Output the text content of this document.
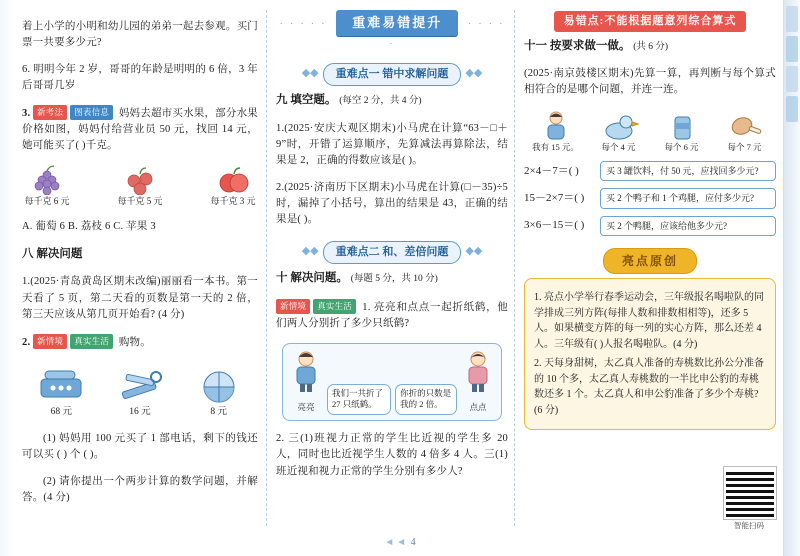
着上小学的小明和幼儿园的弟弟一起去参观。买门票一共要多少元?

6. 明明今年 2 岁，哥哥的年龄是明明的 6 倍，3 年后哥哥几岁

3. 新考法 图表信息 妈妈去超市买水果，部分水果价格如图，妈妈付给营业员 50 元，找回 14 元，她可能买了( )千克。

每千克 6 元	每千克 5 元	每千克 3 元

A. 葡萄 6 B. 荔枝 6 C. 苹果 3

八 解决问题

1.(2025·青岛黄岛区期末改编)丽丽看一本书。第一天看了 5 页，第二天看的页数是第一天的 2 倍，第三天应该从第几页开始看? (4 分)

2. 新情境 真实生活 购物。

68 元	16 元	8 元

(1) 妈妈用 100 元买了 1 部电话，剩下的钱还可以买 ( ) 个 ( )。

(2) 请你提出一个两步计算的数学问题，并解答。(4 分)

· · · · ·  重难易错提升  · · · · ·
◆◆ 重难点一 错中求解问题 ◆◆

九 填空题。 (每空 2 分，共 4 分)

1.(2025·安庆大观区期末)小马虎在计算“63－□＋9”时，开错了运算顺序，先算减法再算除法，结果是 2，正确的得数应该是( )。

2.(2025·济南历下区期末)小马虎在计算(□－35)÷5 时，漏掉了小括号，算出的结果是 43，正确的结果是( )。

◆◆ 重难点二 和、差倍问题 ◆◆

十 解决问题。 (每题 5 分，共 10 分)

新情境 真实生活 1. 亮亮和点点一起折纸鹤，他们两人分别折了多少只纸鹤?

亮亮
我们一共折了 27 只纸鹤。
你折的只数是我的 2 倍。	点点

2. 三(1)班视力正常的学生比近视的学生多 20 人，同时也比近视学生人数的 4 倍多 4 人。三(1)班近视和视力正常的学生分别有多少人?

易错点:不能根据题意列综合算式

十一 按要求做一做。 (共 6 分)

(2025·南京鼓楼区期末)先算一算，再判断与每个算式相符合的是哪个问题，并连一连。

我有 15 元。	每个 4 元	每个 6 元	每个 7 元
2×4－7＝( )	买 3 罐饮料，付 50 元，应找回多少元?
15－2×7＝( )	买 2 个鸭子和 1 个鸡腿，应付多少元?
3×6－15＝( )	买 2 个鸭腿，应该给他多少元?
亮点原创

1. 亮点小学举行春季运动会，三年级报名喝啦队的同学排成三列方阵(每排人数和排数相相等)，还多 5 人。如果横变方阵的每一列的实心方阵，那么还差 4 人。三年级有( )人报名喝啦队。(4 分)

2. 天每身甜树，太乙真人准备的寿桃数比孙公分准备的 10 个多，太乙真人寿桃数的一半比申公豹的寿桃数还多 1 个。太乙真人和申公豹准备了多少个寿桃? (6 分)

智能扫码
◄◄ 4
